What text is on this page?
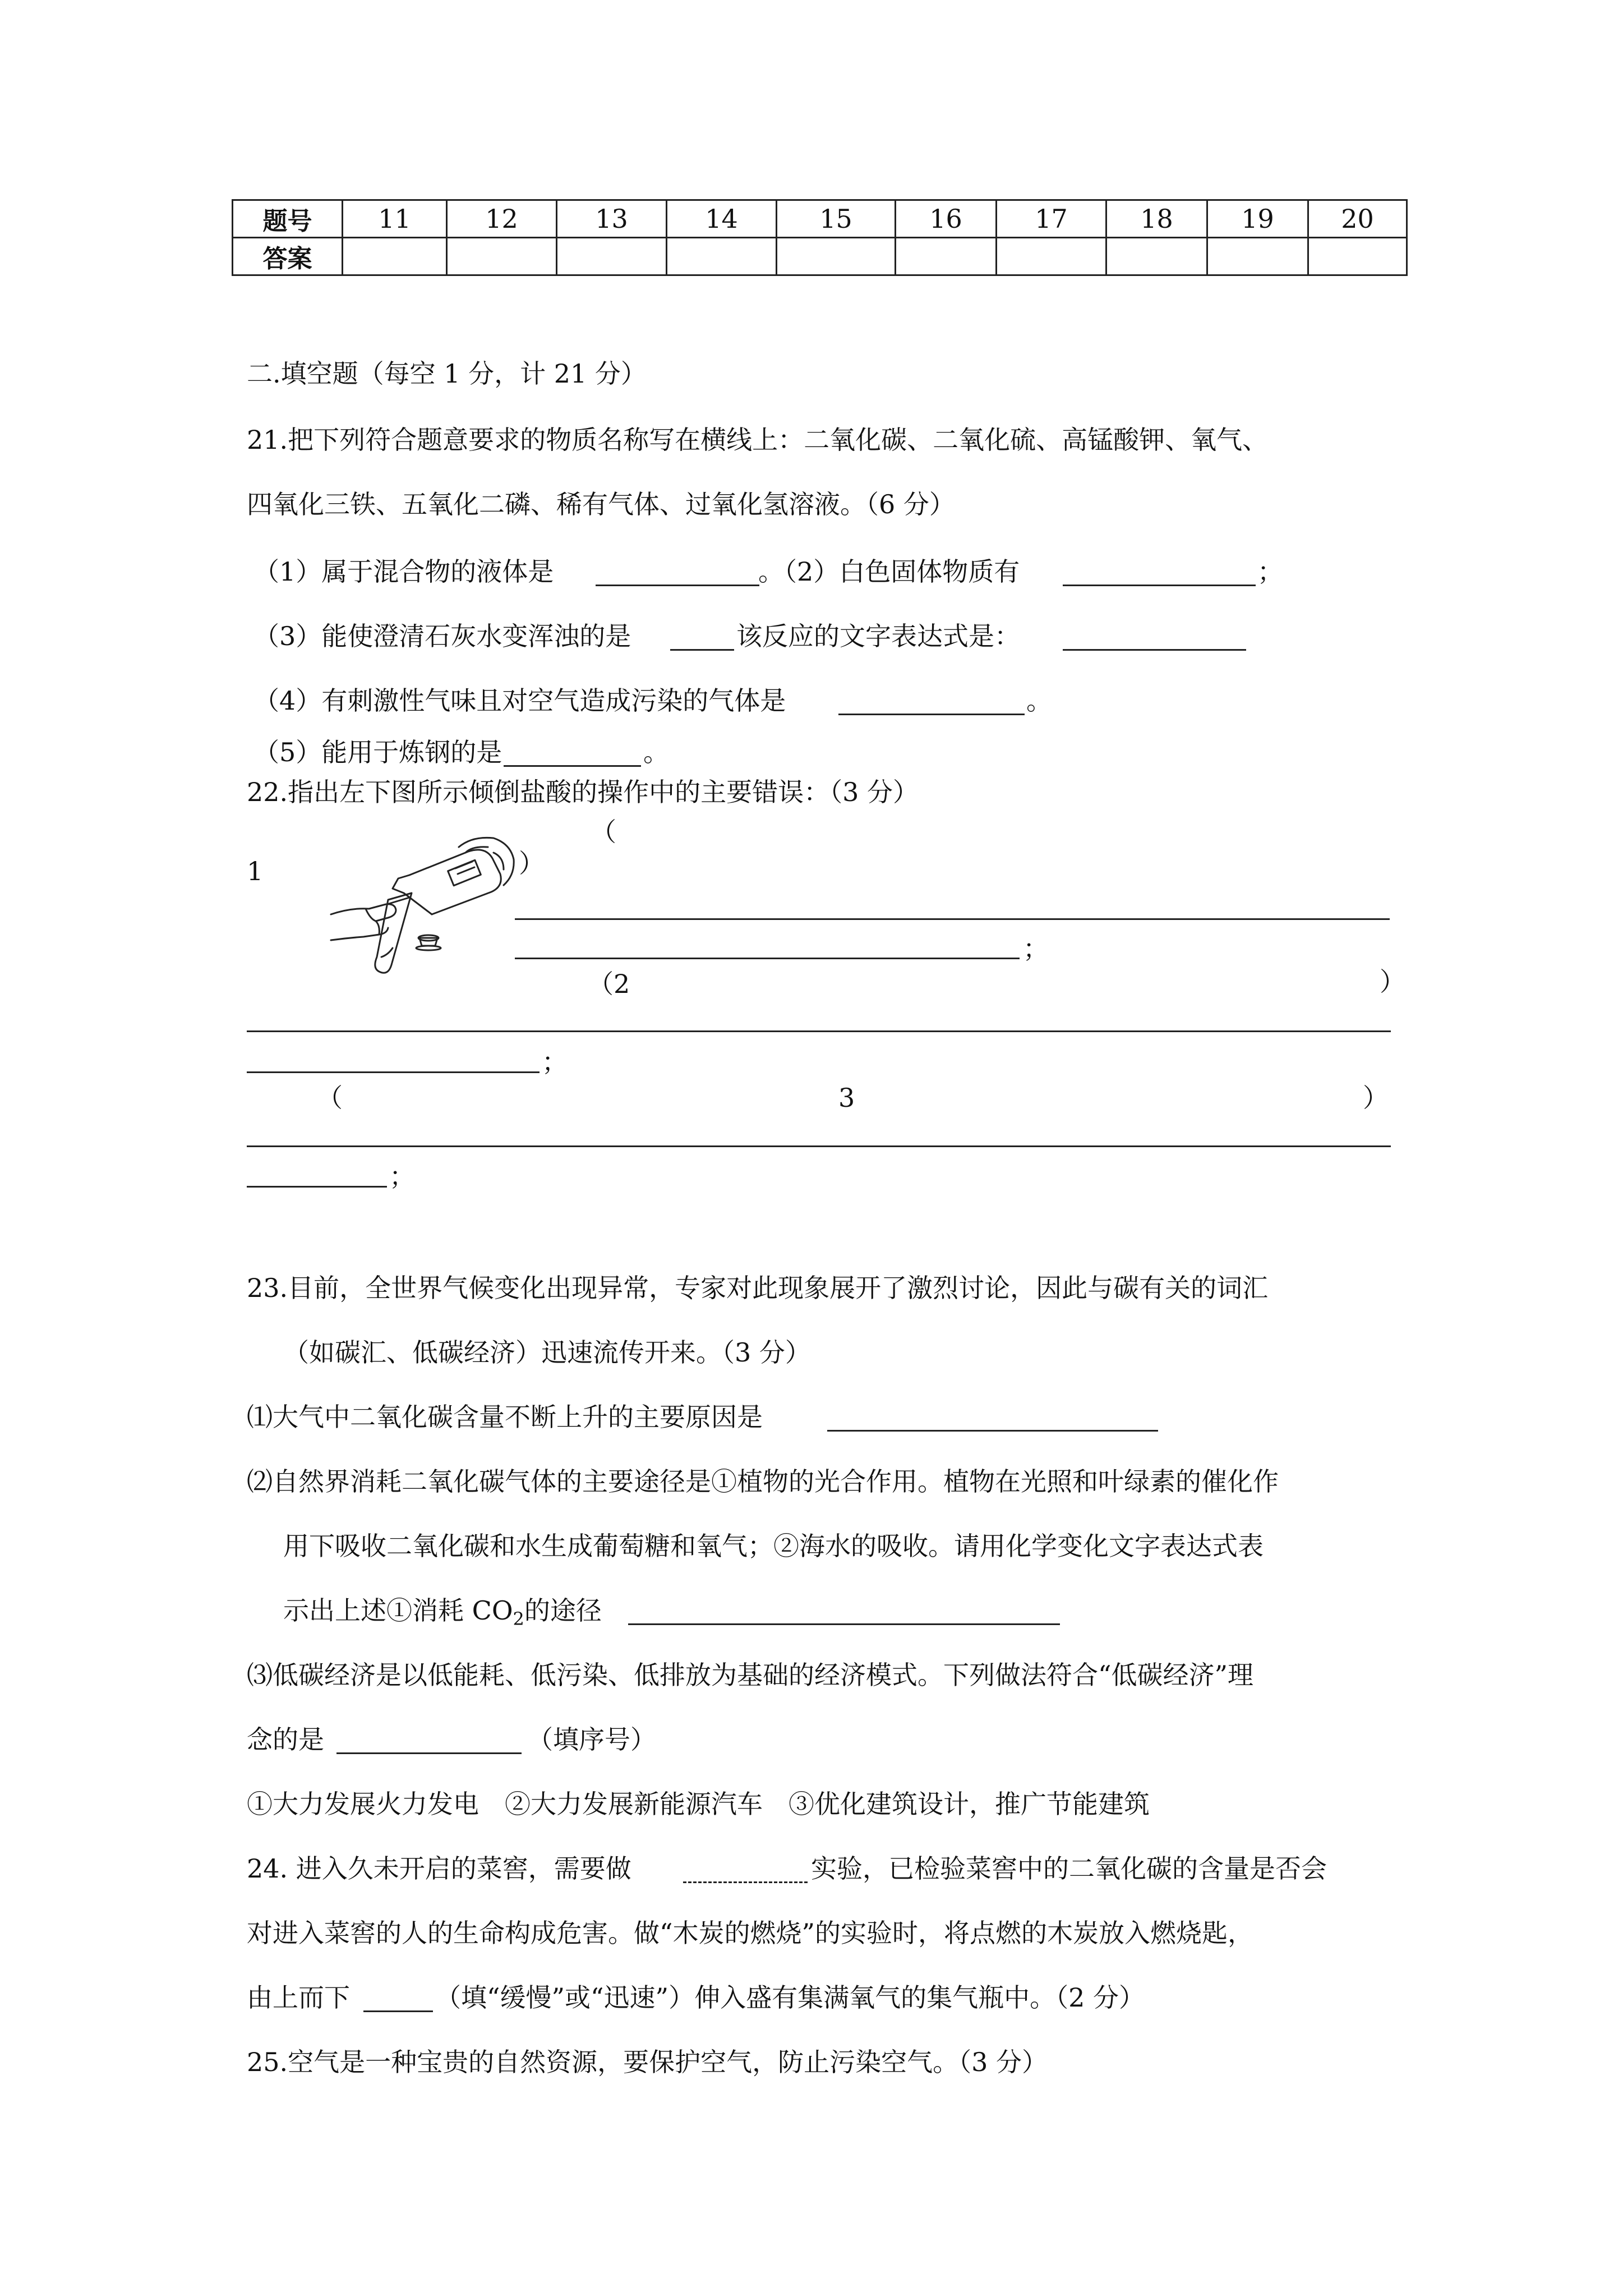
题号	11	12	13	14	15	16	17	18	19	20
答案										
二.填空题（每空 1 分，计 21 分）
21.把下列符合题意要求的物质名称写在横线上：二氧化碳、二氧化硫、高锰酸钾、氧气、
四氧化三铁、五氧化二磷、稀有气体、过氧化氢溶液。（6 分）
（1）属于混合物的液体是	。（2）白色固体物质有	；
（3）能使澄清石灰水变浑浊的是	该反应的文字表达式是：
（4）有刺激性气味且对空气造成污染的气体是	。
（5）能用于炼钢的是	。
22.指出左下图所示倾倒盐酸的操作中的主要错误：（3 分）
（
1	）
；
（2	）
；
（	3	）
；
23.目前，全世界气候变化出现异常，专家对此现象展开了激烈讨论，因此与碳有关的词汇
（如碳汇、低碳经济）迅速流传开来。（3 分）
⑴大气中二氧化碳含量不断上升的主要原因是
⑵自然界消耗二氧化碳气体的主要途径是①植物的光合作用。植物在光照和叶绿素的催化作
用下吸收二氧化碳和水生成葡萄糖和氧气；②海水的吸收。请用化学变化文字表达式表
示出上述①消耗 $CO_2$的途径
⑶低碳经济是以低能耗、低污染、低排放为基础的经济模式。下列做法符合“低碳经济”理
念的是	（填序号）
①大力发展火力发电　②大力发展新能源汽车　③优化建筑设计，推广节能建筑
24. 进入久未开启的菜窖，需要做	实验，已检验菜窖中的二氧化碳的含量是否会
对进入菜窖的人的生命构成危害。做“木炭的燃烧”的实验时，将点燃的木炭放入燃烧匙，
由上而下	（填“缓慢”或“迅速”）伸入盛有集满氧气的集气瓶中。（2 分）
25.空气是一种宝贵的自然资源，要保护空气，防止污染空气。（3 分）
